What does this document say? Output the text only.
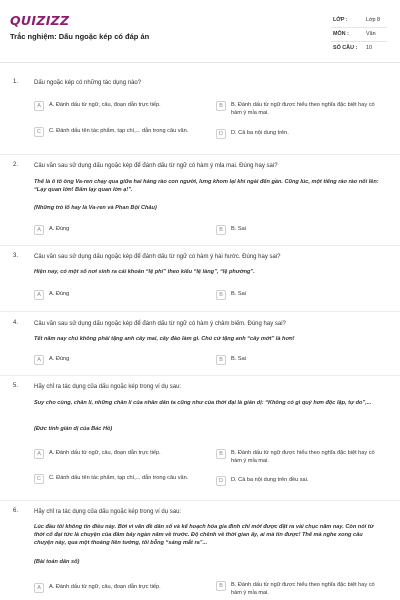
QUIZIZZ
Trắc nghiệm: Dấu ngoặc kép có đáp án
LỚP :	Lớp 8
MÔN :	Văn
SỐ CÂU : 10
1.	Dấu ngoặc kép có những tác dụng nào?
A	A. Đánh dấu từ ngữ, câu, đoạn dẫn trực tiếp.	B	B. Đánh dấu từ ngữ được hiểu theo nghĩa đặc biệt hay có hàm ý mỉa mai.
C	C. Đánh dấu tên tác phẩm, tạp chí,... dẫn trong câu văn.	D	D. Cả ba nội dung trên.
2.	Câu văn sau sử dụng dấu ngoặc kép để đánh dấu từ ngữ có hàm ý mỉa mai. Đúng hay sai?
Thế là ô tô ông Va-ren chạy qua giữa hai hàng rào con người, lưng khom lại khi ngài đến gần. Cũng lúc, một tiếng rào rào nổi lên: “Lạy quan lớn! Bẩm lạy quan lớn ạ!”.
(Những trò lố hay là Va-ren và Phan Bội Châu)
A	A. Đúng	B	B. Sai
3.	Câu văn sau sử dụng dấu ngoặc kép để đánh dấu từ ngữ có hàm ý hài hước. Đúng hay sai?
Hiện nay, có một số nơi sinh ra cái khoản “lệ phí” theo kiểu “lệ làng”, “lệ phường”.
A	A. Đúng	B	B. Sai
4.	Câu văn sau sử dụng dấu ngoặc kép để đánh dấu từ ngữ có hàm ý châm biếm. Đúng hay sai?
Tết năm nay chú không phải tặng anh cây mai, cây đào làm gì. Chú cứ tặng anh “cây mớt” là hơn!
A	A. Đúng	B	B. Sai
5.	Hãy chỉ ra tác dụng của dấu ngoặc kép trong ví dụ sau:
Suy cho cùng, chân lí, những chân lí của nhân dân ta cũng như của thời đại là giản dị: “Không có gì quý hơn độc lập, tự do”,...
(Đức tính giản dị của Bác Hồ)
A	A. Đánh dấu từ ngữ, câu, đoạn dẫn trực tiếp.	B	B. Đánh dấu từ ngữ được hiểu theo nghĩa đặc biệt hay có hàm ý mỉa mai.
C	C. Đánh dấu tên tác phẩm, tạp chí,... dẫn trong câu văn.	D	D. Cả ba nội dung trên đều sai.
6.	Hãy chỉ ra tác dụng của dấu ngoặc kép trong ví dụ sau:
Lúc đầu tôi không tin điều này. Bởi vì văn đề dân số và kế hoạch hóa gia đình chỉ mới được đặt ra vài chục năm nay. Còn nói từ thời cổ đại tức là chuyện của đâm bảy ngàn năm về trước. Độ chênh về thời gian ấy, ai mà tin được! Thế mà nghe xong câu chuyện này, qua một thoáng liên tưởng, tôi bỗng “sáng mắt ra”...
(Bài toán dân số)
A	A. Đánh dấu từ ngữ, câu, đoạn dẫn trực tiếp.	B	B. Đánh dấu từ ngữ được hiểu theo nghĩa đặc biệt hay có hàm ý mỉa mai.
